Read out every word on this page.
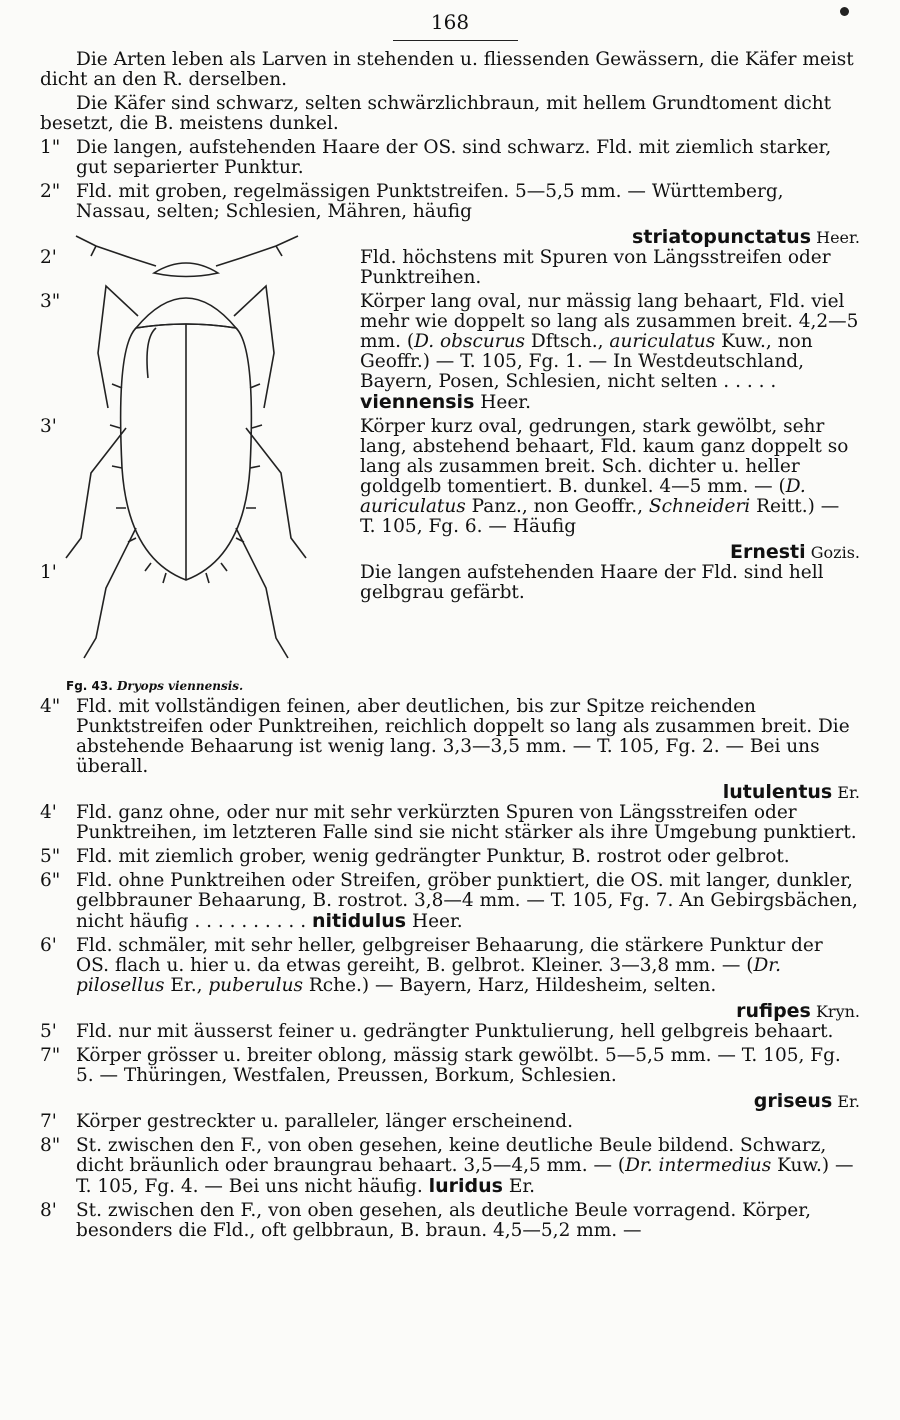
168
Die Arten leben als Larven in stehenden u. fliessenden Gewässern, die Käfer meist dicht an den R. derselben.
Die Käfer sind schwarz, selten schwärzlichbraun, mit hellem Grundtoment dicht besetzt, die B. meistens dunkel.
1" Die langen, aufstehenden Haare der OS. sind schwarz. Fld. mit ziemlich starker, gut separierter Punktur.
2" Fld. mit groben, regelmässigen Punktstreifen. 5—5,5 mm. — Württemberg, Nassau, selten; Schlesien, Mähren, häufig
Fg. 43. Dryops viennensis.
striatopunctatus Heer.
2'	Fld. höchstens mit Spuren von Längsstreifen oder Punktreihen.
3"	Körper lang oval, nur mässig lang behaart, Fld. viel mehr wie doppelt so lang als zusammen breit. 4,2—5 mm. (D. obscurus Dftsch., auriculatus Kuw., non Geoffr.) — T. 105, Fg. 1. — In Westdeutschland, Bayern, Posen, Schlesien, nicht selten . . . . . viennensis Heer.
3'	Körper kurz oval, gedrungen, stark gewölbt, sehr lang, abstehend behaart, Fld. kaum ganz doppelt so lang als zusammen breit. Sch. dichter u. heller goldgelb tomentiert. B. dunkel. 4—5 mm. — (D. auriculatus Panz., non Geoffr., Schneideri Reitt.) — T. 105, Fg. 6. — Häufig
Ernesti Gozis.
1'	Die langen aufstehenden Haare der Fld. sind hell gelbgrau gefärbt.
4" Fld. mit vollständigen feinen, aber deutlichen, bis zur Spitze reichenden Punktstreifen oder Punktreihen, reichlich doppelt so lang als zusammen breit. Die abstehende Behaarung ist wenig lang. 3,3—3,5 mm. — T. 105, Fg. 2. — Bei uns überall.
lutulentus Er.
4'	Fld. ganz ohne, oder nur mit sehr verkürzten Spuren von Längsstreifen oder Punktreihen, im letzteren Falle sind sie nicht stärker als ihre Umgebung punktiert.
5" Fld. mit ziemlich grober, wenig gedrängter Punktur, B. rostrot oder gelbrot.
6" Fld. ohne Punktreihen oder Streifen, gröber punktiert, die OS. mit langer, dunkler, gelbbrauner Behaarung, B. rostrot. 3,8—4 mm. — T. 105, Fg. 7. An Gebirgsbächen, nicht häufig . . . . . . . . . . nitidulus Heer.
6'	Fld. schmäler, mit sehr heller, gelbgreiser Behaarung, die stärkere Punktur der OS. flach u. hier u. da etwas gereiht, B. gelbrot. Kleiner. 3—3,8 mm. — (Dr. pilosellus Er., puberulus Rche.) — Bayern, Harz, Hildesheim, selten.
rufipes Kryn.
5'	Fld. nur mit äusserst feiner u. gedrängter Punktulierung, hell gelbgreis behaart.
7" Körper grösser u. breiter oblong, mässig stark gewölbt. 5—5,5 mm. — T. 105, Fg. 5. — Thüringen, Westfalen, Preussen, Borkum, Schlesien.
griseus Er.
7'	Körper gestreckter u. paralleler, länger erscheinend.
8" St. zwischen den F., von oben gesehen, keine deutliche Beule bildend. Schwarz, dicht bräunlich oder braungrau behaart. 3,5—4,5 mm. — (Dr. intermedius Kuw.) — T. 105, Fg. 4. — Bei uns nicht häufig. luridus Er.
8'	St. zwischen den F., von oben gesehen, als deutliche Beule vorragend. Körper, besonders die Fld., oft gelbbraun, B. braun. 4,5—5,2 mm. —
